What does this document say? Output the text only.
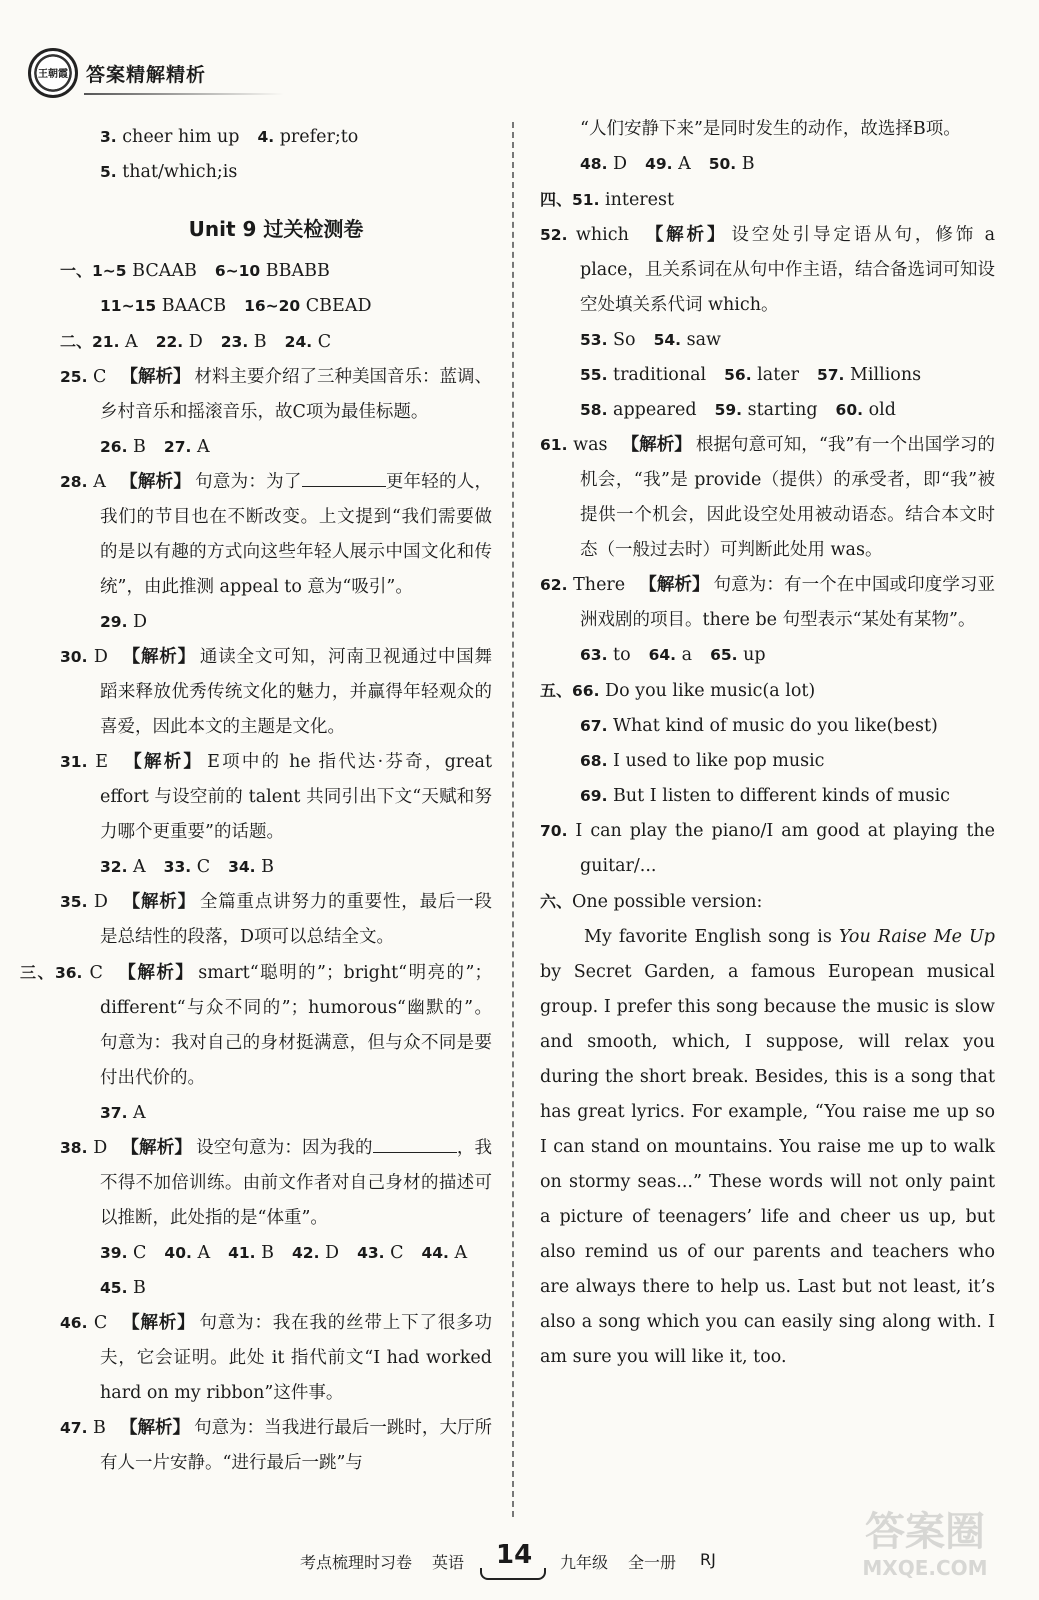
王朝霞 答案精解精析

3. cheer him up 4. prefer;to

5. that/which;is

Unit 9 过关检测卷

一、1~5 BCAAB 6~10 BBABB

11~15 BAACB 16~20 CBEAD

二、21. A 22. D 23. B 24. C

25. C 【解析】 材料主要介绍了三种美国音乐：蓝调、乡村音乐和摇滚音乐，故C项为最佳标题。

26. B 27. A

28. A 【解析】 句意为：为了	更年轻的人，我们的节目也在不断改变。上文提到“我们需要做的是以有趣的方式向这些年轻人展示中国文化和传统”，由此推测 appeal to 意为“吸引”。

29. D

30. D 【解析】 通读全文可知，河南卫视通过中国舞蹈来释放优秀传统文化的魅力，并赢得年轻观众的喜爱，因此本文的主题是文化。

31. E 【解析】 E项中的 he 指代达·芬奇，great effort 与设空前的 talent 共同引出下文“天赋和努力哪个更重要”的话题。

32. A 33. C 34. B

35. D 【解析】 全篇重点讲努力的重要性，最后一段是总结性的段落，D项可以总结全文。

三、36. C 【解析】 smart“聪明的”；bright“明亮的”；different“与众不同的”；humorous“幽默的”。句意为：我对自己的身材挺满意，但与众不同是要付出代价的。

37. A

38. D 【解析】 设空句意为：因为我的	，我不得不加倍训练。由前文作者对自己身材的描述可以推断，此处指的是“体重”。

39. C 40. A 41. B 42. D 43. C 44. A

45. B

46. C 【解析】 句意为：我在我的丝带上下了很多功夫，它会证明。此处 it 指代前文“I had worked hard on my ribbon”这件事。

47. B 【解析】 句意为：当我进行最后一跳时，大厅所有人一片安静。“进行最后一跳”与

“人们安静下来”是同时发生的动作，故选择B项。

48. D 49. A 50. B

四、51. interest

52. which 【解析】 设空处引导定语从句，修饰 a place，且关系词在从句中作主语，结合备选词可知设空处填关系代词 which。

53. So 54. saw

55. traditional 56. later 57. Millions

58. appeared 59. starting 60. old

61. was 【解析】 根据句意可知，“我”有一个出国学习的机会，“我”是 provide（提供）的承受者，即“我”被提供一个机会，因此设空处用被动语态。结合本文时态（一般过去时）可判断此处用 was。

62. There 【解析】 句意为：有一个在中国或印度学习亚洲戏剧的项目。there be 句型表示“某处有某物”。

63. to 64. a 65. up

五、66. Do you like music(a lot)

67. What kind of music do you like(best)

68. I used to like pop music

69. But I listen to different kinds of music

70. I can play the piano/I am good at playing the guitar/...

六、One possible version:

My favorite English song is You Raise Me Up by Secret Garden, a famous European musical group. I prefer this song because the music is slow and smooth, which, I suppose, will relax you during the short break. Besides, this is a song that has great lyrics. For example, “You raise me up so I can stand on mountains. You raise me up to walk on stormy seas...” These words will not only paint a picture of teenagers’ life and cheer us up, but also remind us of our parents and teachers who are always there to help us. Last but not least, it’s also a song which you can easily sing along with. I am sure you will like it, too.

考点梳理时习卷 英语 14 九年级 全一册 RJ
答案圈
MXQE.COM
